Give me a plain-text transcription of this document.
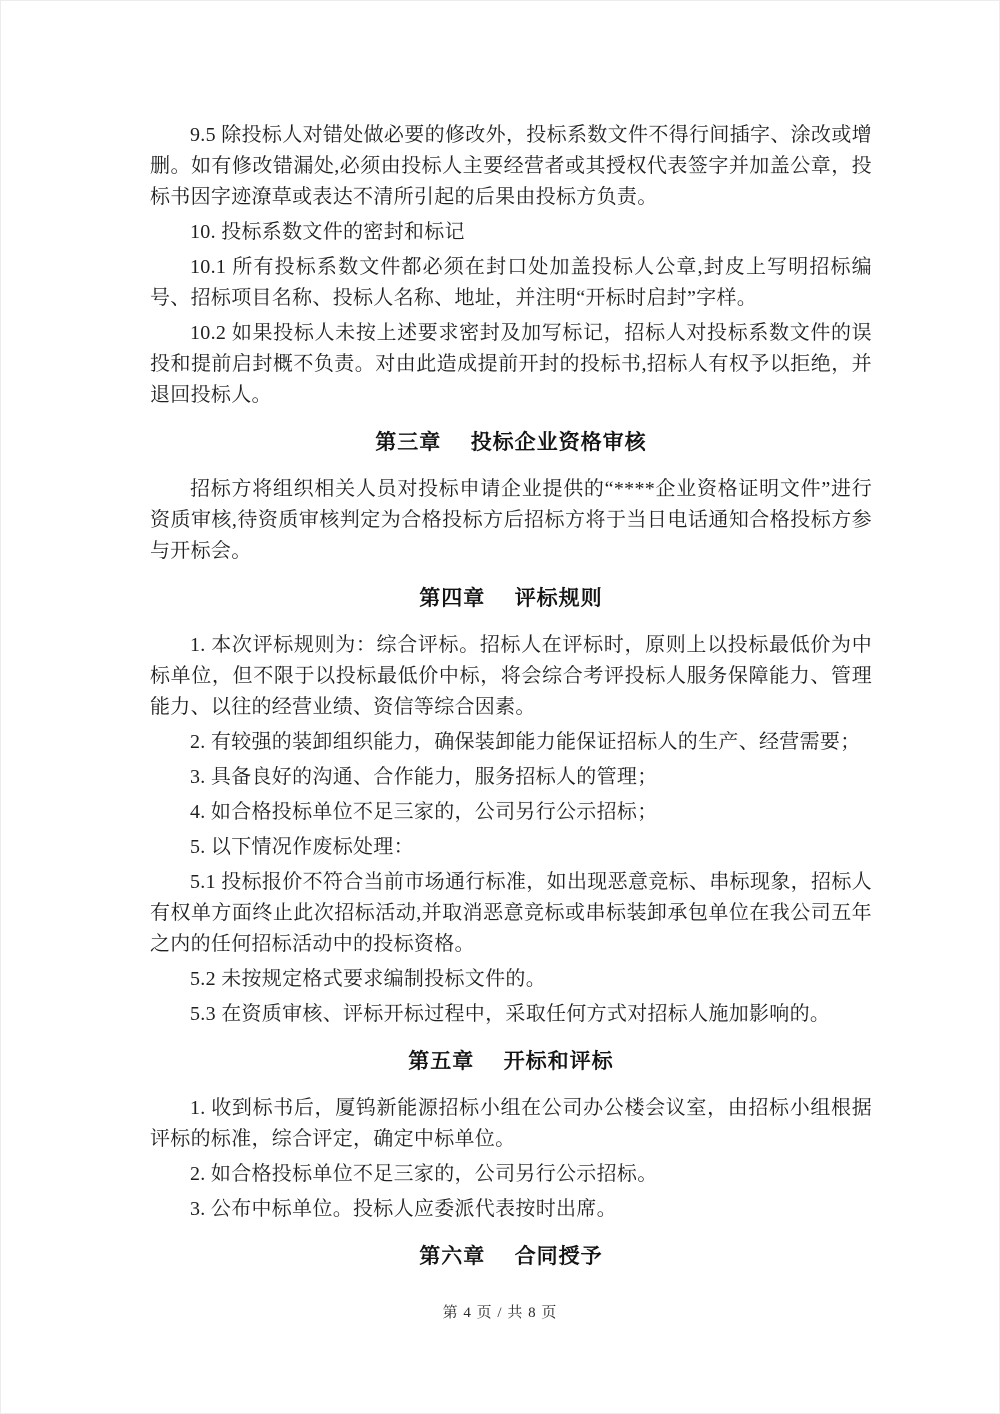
9.5 除投标人对错处做必要的修改外，投标系数文件不得行间插字、涂改或增删。如有修改错漏处,必须由投标人主要经营者或其授权代表签字并加盖公章，投标书因字迹潦草或表达不清所引起的后果由投标方负责。

10. 投标系数文件的密封和标记

10.1 所有投标系数文件都必须在封口处加盖投标人公章,封皮上写明招标编号、招标项目名称、投标人名称、地址，并注明“开标时启封”字样。

10.2 如果投标人未按上述要求密封及加写标记，招标人对投标系数文件的误投和提前启封概不负责。对由此造成提前开封的投标书,招标人有权予以拒绝，并退回投标人。

第三章 投标企业资格审核

招标方将组织相关人员对投标申请企业提供的“****企业资格证明文件”进行资质审核,待资质审核判定为合格投标方后招标方将于当日电话通知合格投标方参与开标会。

第四章 评标规则

1. 本次评标规则为：综合评标。招标人在评标时，原则上以投标最低价为中标单位，但不限于以投标最低价中标，将会综合考评投标人服务保障能力、管理能力、以往的经营业绩、资信等综合因素。

2. 有较强的装卸组织能力，确保装卸能力能保证招标人的生产、经营需要；

3. 具备良好的沟通、合作能力，服务招标人的管理；

4. 如合格投标单位不足三家的，公司另行公示招标；

5. 以下情况作废标处理：

5.1 投标报价不符合当前市场通行标准，如出现恶意竞标、串标现象，招标人有权单方面终止此次招标活动,并取消恶意竞标或串标装卸承包单位在我公司五年之内的任何招标活动中的投标资格。

5.2 未按规定格式要求编制投标文件的。

5.3 在资质审核、评标开标过程中，采取任何方式对招标人施加影响的。

第五章 开标和评标

1. 收到标书后，厦钨新能源招标小组在公司办公楼会议室，由招标小组根据评标的标准，综合评定，确定中标单位。

2. 如合格投标单位不足三家的，公司另行公示招标。

3. 公布中标单位。投标人应委派代表按时出席。

第六章 合同授予
第 4 页 / 共 8 页
